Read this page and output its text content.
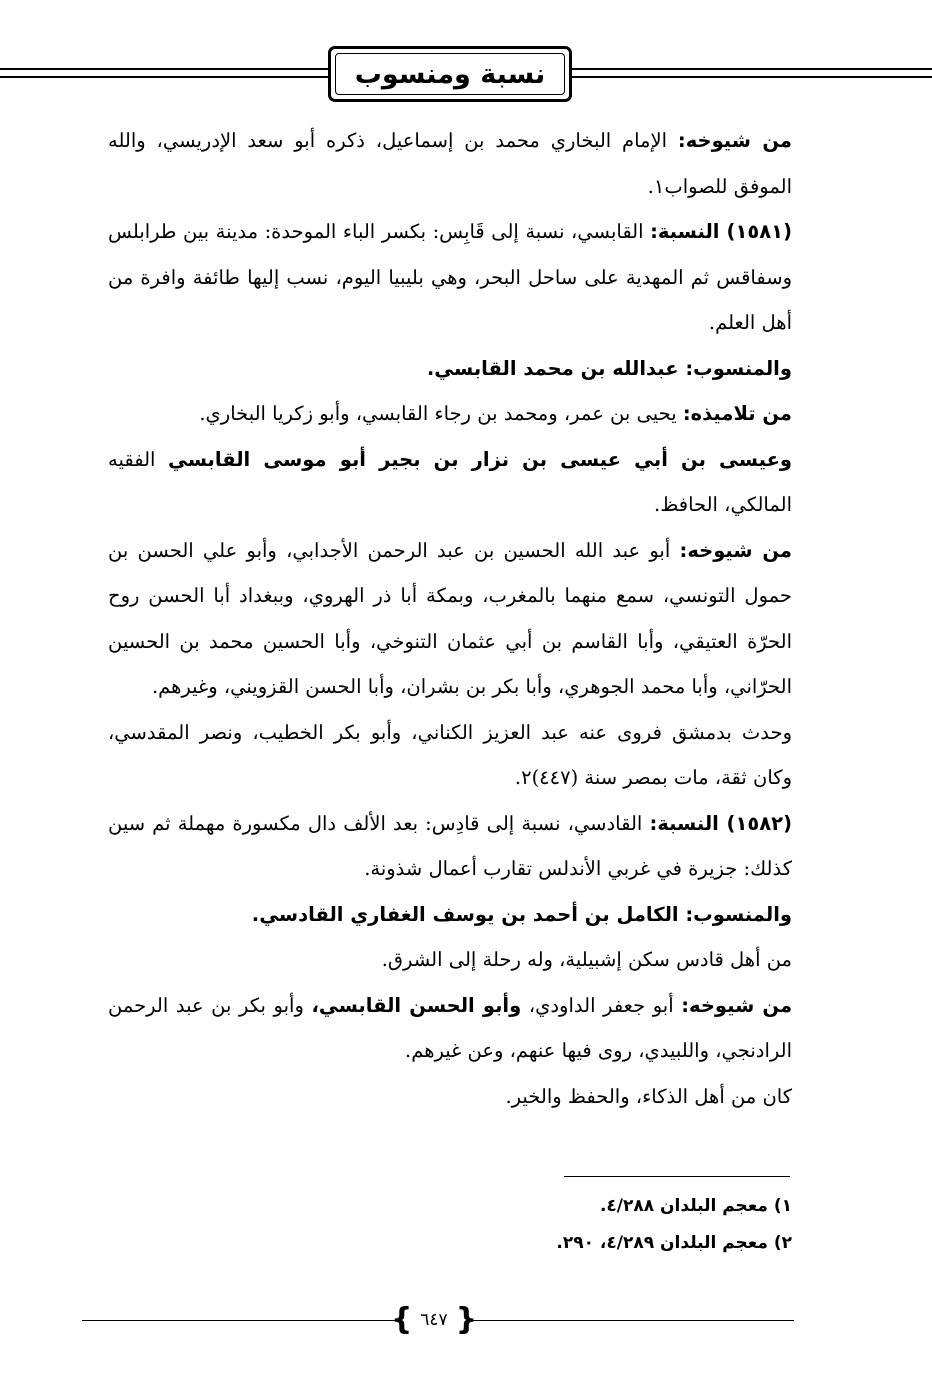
نسبة ومنسوب

من شيوخه: الإمام البخاري محمد بن إسماعيل، ذكره أبو سعد الإدريسي، والله الموفق للصواب١.

(١٥٨١) النسبة: القابسي، نسبة إلى قَابِس: بكسر الباء الموحدة: مدينة بين طرابلس وسفاقس ثم المهدية على ساحل البحر، وهي بليبيا اليوم، نسب إليها طائفة وافرة من أهل العلم.

والمنسوب: عبدالله بن محمد القابسي.

من تلاميذه: يحيى بن عمر، ومحمد بن رجاء القابسي، وأبو زكريا البخاري.

وعيسى بن أبي عيسى بن نزار بن بجير أبو موسى القابسي الفقيه المالكي، الحافظ.

من شيوخه: أبو عبد الله الحسين بن عبد الرحمن الأجدابي، وأبو علي الحسن بن حمول التونسي، سمع منهما بالمغرب، وبمكة أبا ذر الهروي، وببغداد أبا الحسن روح الحرّة العتيقي، وأبا القاسم بن أبي عثمان التنوخي، وأبا الحسين محمد بن الحسين الحرّاني، وأبا محمد الجوهري، وأبا بكر بن بشران، وأبا الحسن القزويني، وغيرهم.

وحدث بدمشق فروى عنه عبد العزيز الكناني، وأبو بكر الخطيب، ونصر المقدسي، وكان ثقة، مات بمصر سنة (٤٤٧)٢.

(١٥٨٢) النسبة: القادسي، نسبة إلى قادِس: بعد الألف دال مكسورة مهملة ثم سين كذلك: جزيرة في غربي الأندلس تقارب أعمال شذونة.

والمنسوب: الكامل بن أحمد بن يوسف الغفاري القادسي.

من أهل قادس سكن إشبيلية، وله رحلة إلى الشرق.

من شيوخه: أبو جعفر الداودي، وأبو الحسن القابسي، وأبو بكر بن عبد الرحمن الرادنجي، واللبيدي، روى فيها عنهم، وعن غيرهم.

كان من أهل الذكاء، والحفظ والخير.

١) معجم البلدان ٤/٢٨٨.

٢) معجم البلدان ٤/٢٨٩، ٢٩٠.

{ ٦٤٧ }
